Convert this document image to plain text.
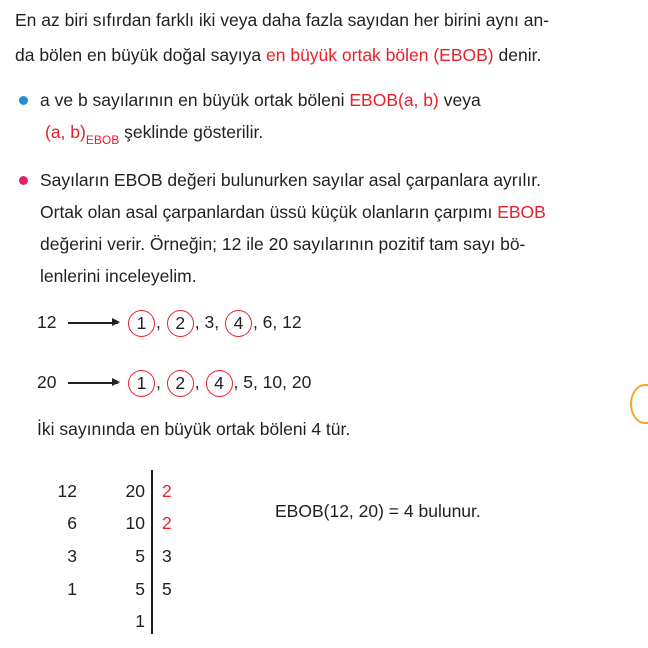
En az biri sıfırdan farklı iki veya daha fazla sayıdan her birini aynı an-
da bölen en büyük doğal sayıya en büyük ortak bölen (EBOB) denir.
a ve b sayılarının en büyük ortak böleni EBOB(a, b) veya
(a, $b)_{EBOB}$ şeklinde gösterilir.
Sayıların EBOB değeri bulunurken sayılar asal çarpanlara ayrılır.
Ortak olan asal çarpanlardan üssü küçük olanların çarpımı EBOB
değerini verir. Örneğin; 12 ile 20 sayılarının pozitif tam sayı bö-
lenlerini inceleyelim.
12	1 , 2 , 3, 4 , 6, 12
20	1 , 2 , 4 , 5, 10, 20
İki sayınında en büyük ortak böleni 4 tür.
12
6
3
1
20
10
5
5
1
2
2
3
5
EBOB(12, 20) = 4 bulunur.
